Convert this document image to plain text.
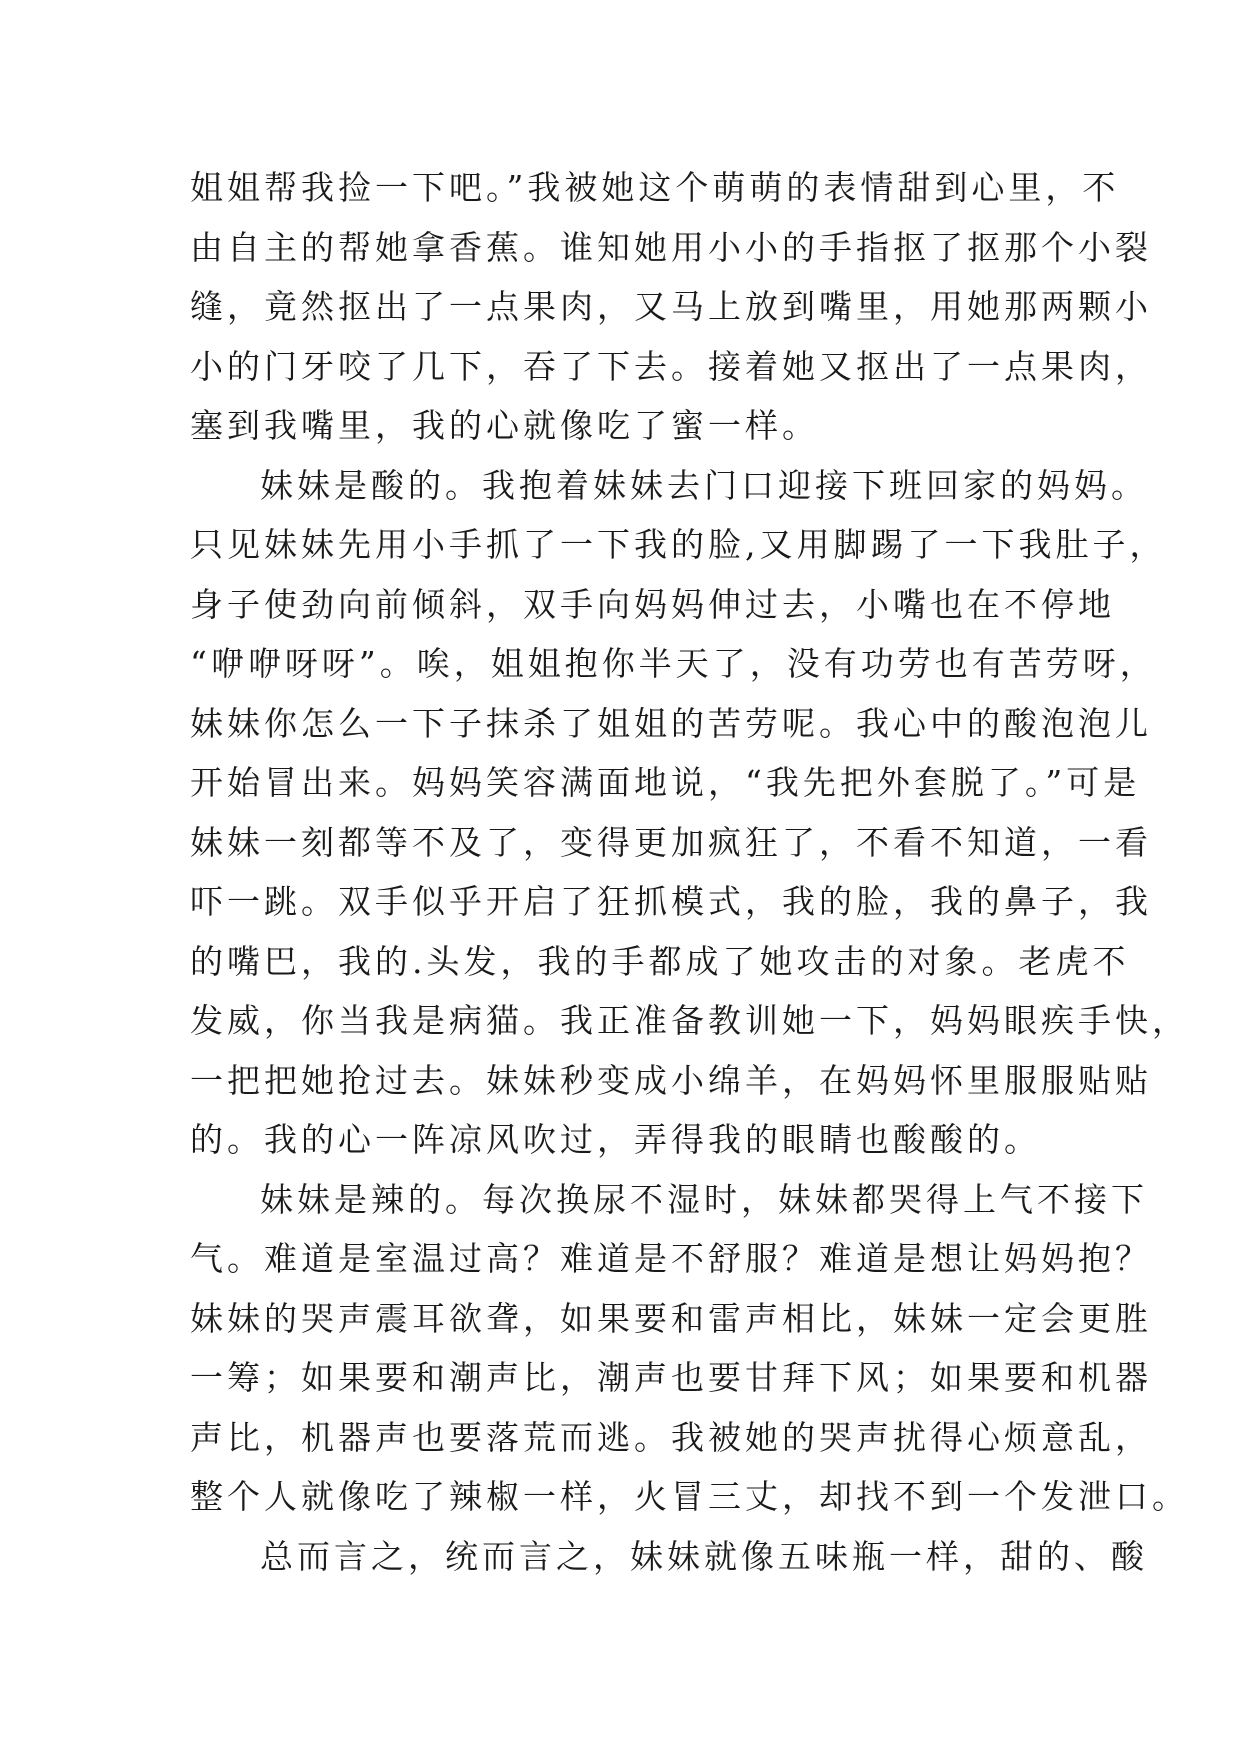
姐姐帮我捡一下吧。”我被她这个萌萌的表情甜到心里，不
由自主的帮她拿香蕉。谁知她用小小的手指抠了抠那个小裂
缝，竟然抠出了一点果肉，又马上放到嘴里，用她那两颗小
小的门牙咬了几下，吞了下去。接着她又抠出了一点果肉，
塞到我嘴里，我的心就像吃了蜜一样。
妹妹是酸的。我抱着妹妹去门口迎接下班回家的妈妈。
只见妹妹先用小手抓了一下我的脸,又用脚踢了一下我肚子，
身子使劲向前倾斜，双手向妈妈伸过去，小嘴也在不停地
“咿咿呀呀”。唉，姐姐抱你半天了，没有功劳也有苦劳呀，
妹妹你怎么一下子抹杀了姐姐的苦劳呢。我心中的酸泡泡儿
开始冒出来。妈妈笑容满面地说，“我先把外套脱了。”可是
妹妹一刻都等不及了，变得更加疯狂了，不看不知道，一看
吓一跳。双手似乎开启了狂抓模式，我的脸，我的鼻子，我
的嘴巴，我的.头发，我的手都成了她攻击的对象。老虎不
发威，你当我是病猫。我正准备教训她一下，妈妈眼疾手快，
一把把她抢过去。妹妹秒变成小绵羊，在妈妈怀里服服贴贴
的。我的心一阵凉风吹过，弄得我的眼睛也酸酸的。
妹妹是辣的。每次换尿不湿时，妹妹都哭得上气不接下
气。难道是室温过高？难道是不舒服？难道是想让妈妈抱？
妹妹的哭声震耳欲聋，如果要和雷声相比，妹妹一定会更胜
一筹；如果要和潮声比，潮声也要甘拜下风；如果要和机器
声比，机器声也要落荒而逃。我被她的哭声扰得心烦意乱，
整个人就像吃了辣椒一样，火冒三丈，却找不到一个发泄口。
总而言之，统而言之，妹妹就像五味瓶一样，甜的、酸
